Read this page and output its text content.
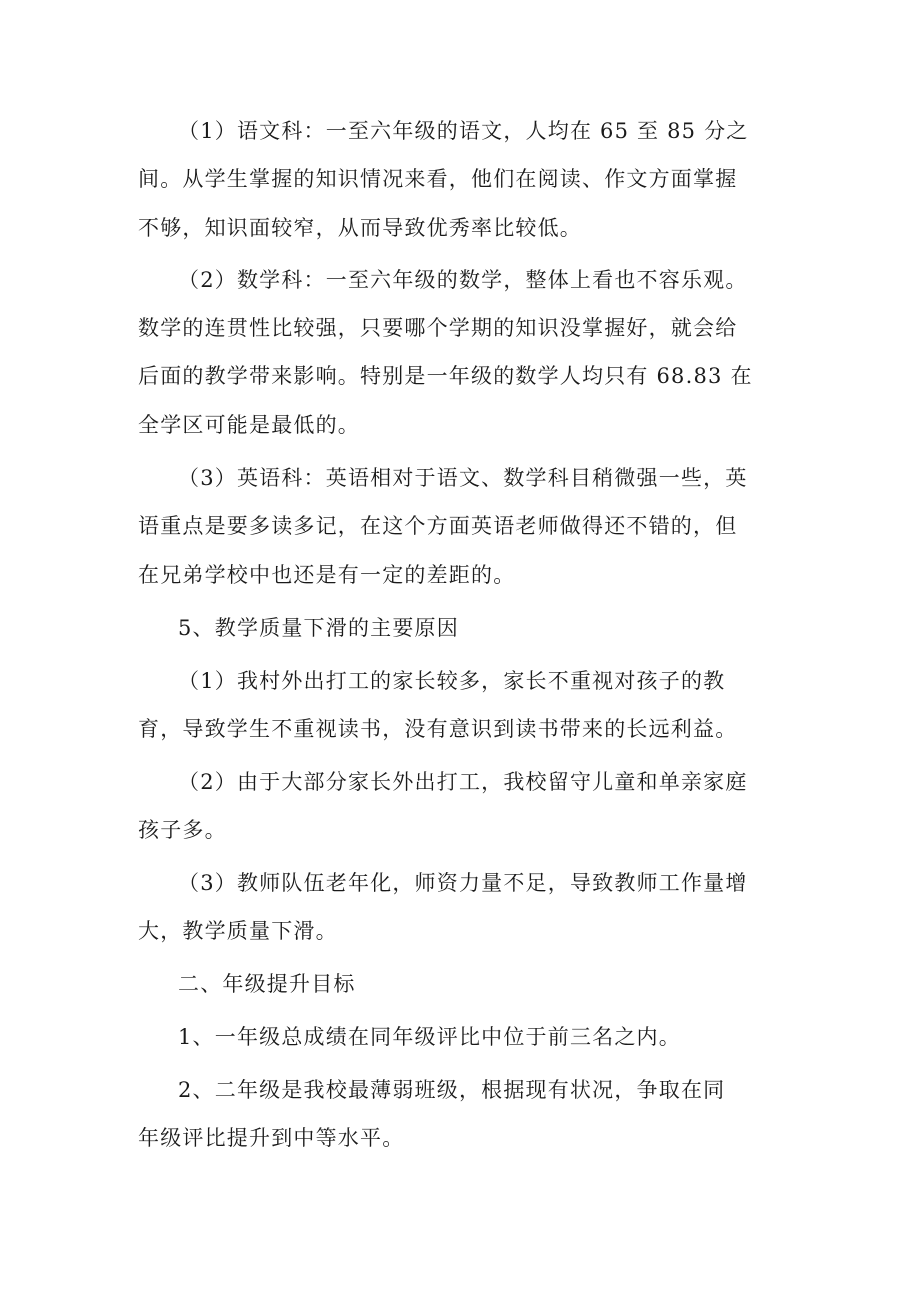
（1）语文科：一至六年级的语文，人均在 65 至 85 分之

间。从学生掌握的知识情况来看，他们在阅读、作文方面掌握

不够，知识面较窄，从而导致优秀率比较低。

（2）数学科：一至六年级的数学，整体上看也不容乐观。

数学的连贯性比较强，只要哪个学期的知识没掌握好，就会给

后面的教学带来影响。特别是一年级的数学人均只有 68.83 在

全学区可能是最低的。

（3）英语科：英语相对于语文、数学科目稍微强一些，英

语重点是要多读多记，在这个方面英语老师做得还不错的，但

在兄弟学校中也还是有一定的差距的。

5、教学质量下滑的主要原因

（1）我村外出打工的家长较多，家长不重视对孩子的教

育，导致学生不重视读书，没有意识到读书带来的长远利益。

（2）由于大部分家长外出打工，我校留守儿童和单亲家庭

孩子多。

（3）教师队伍老年化，师资力量不足，导致教师工作量增

大，教学质量下滑。

二、年级提升目标

1、一年级总成绩在同年级评比中位于前三名之内。

2、二年级是我校最薄弱班级，根据现有状况，争取在同

年级评比提升到中等水平。
